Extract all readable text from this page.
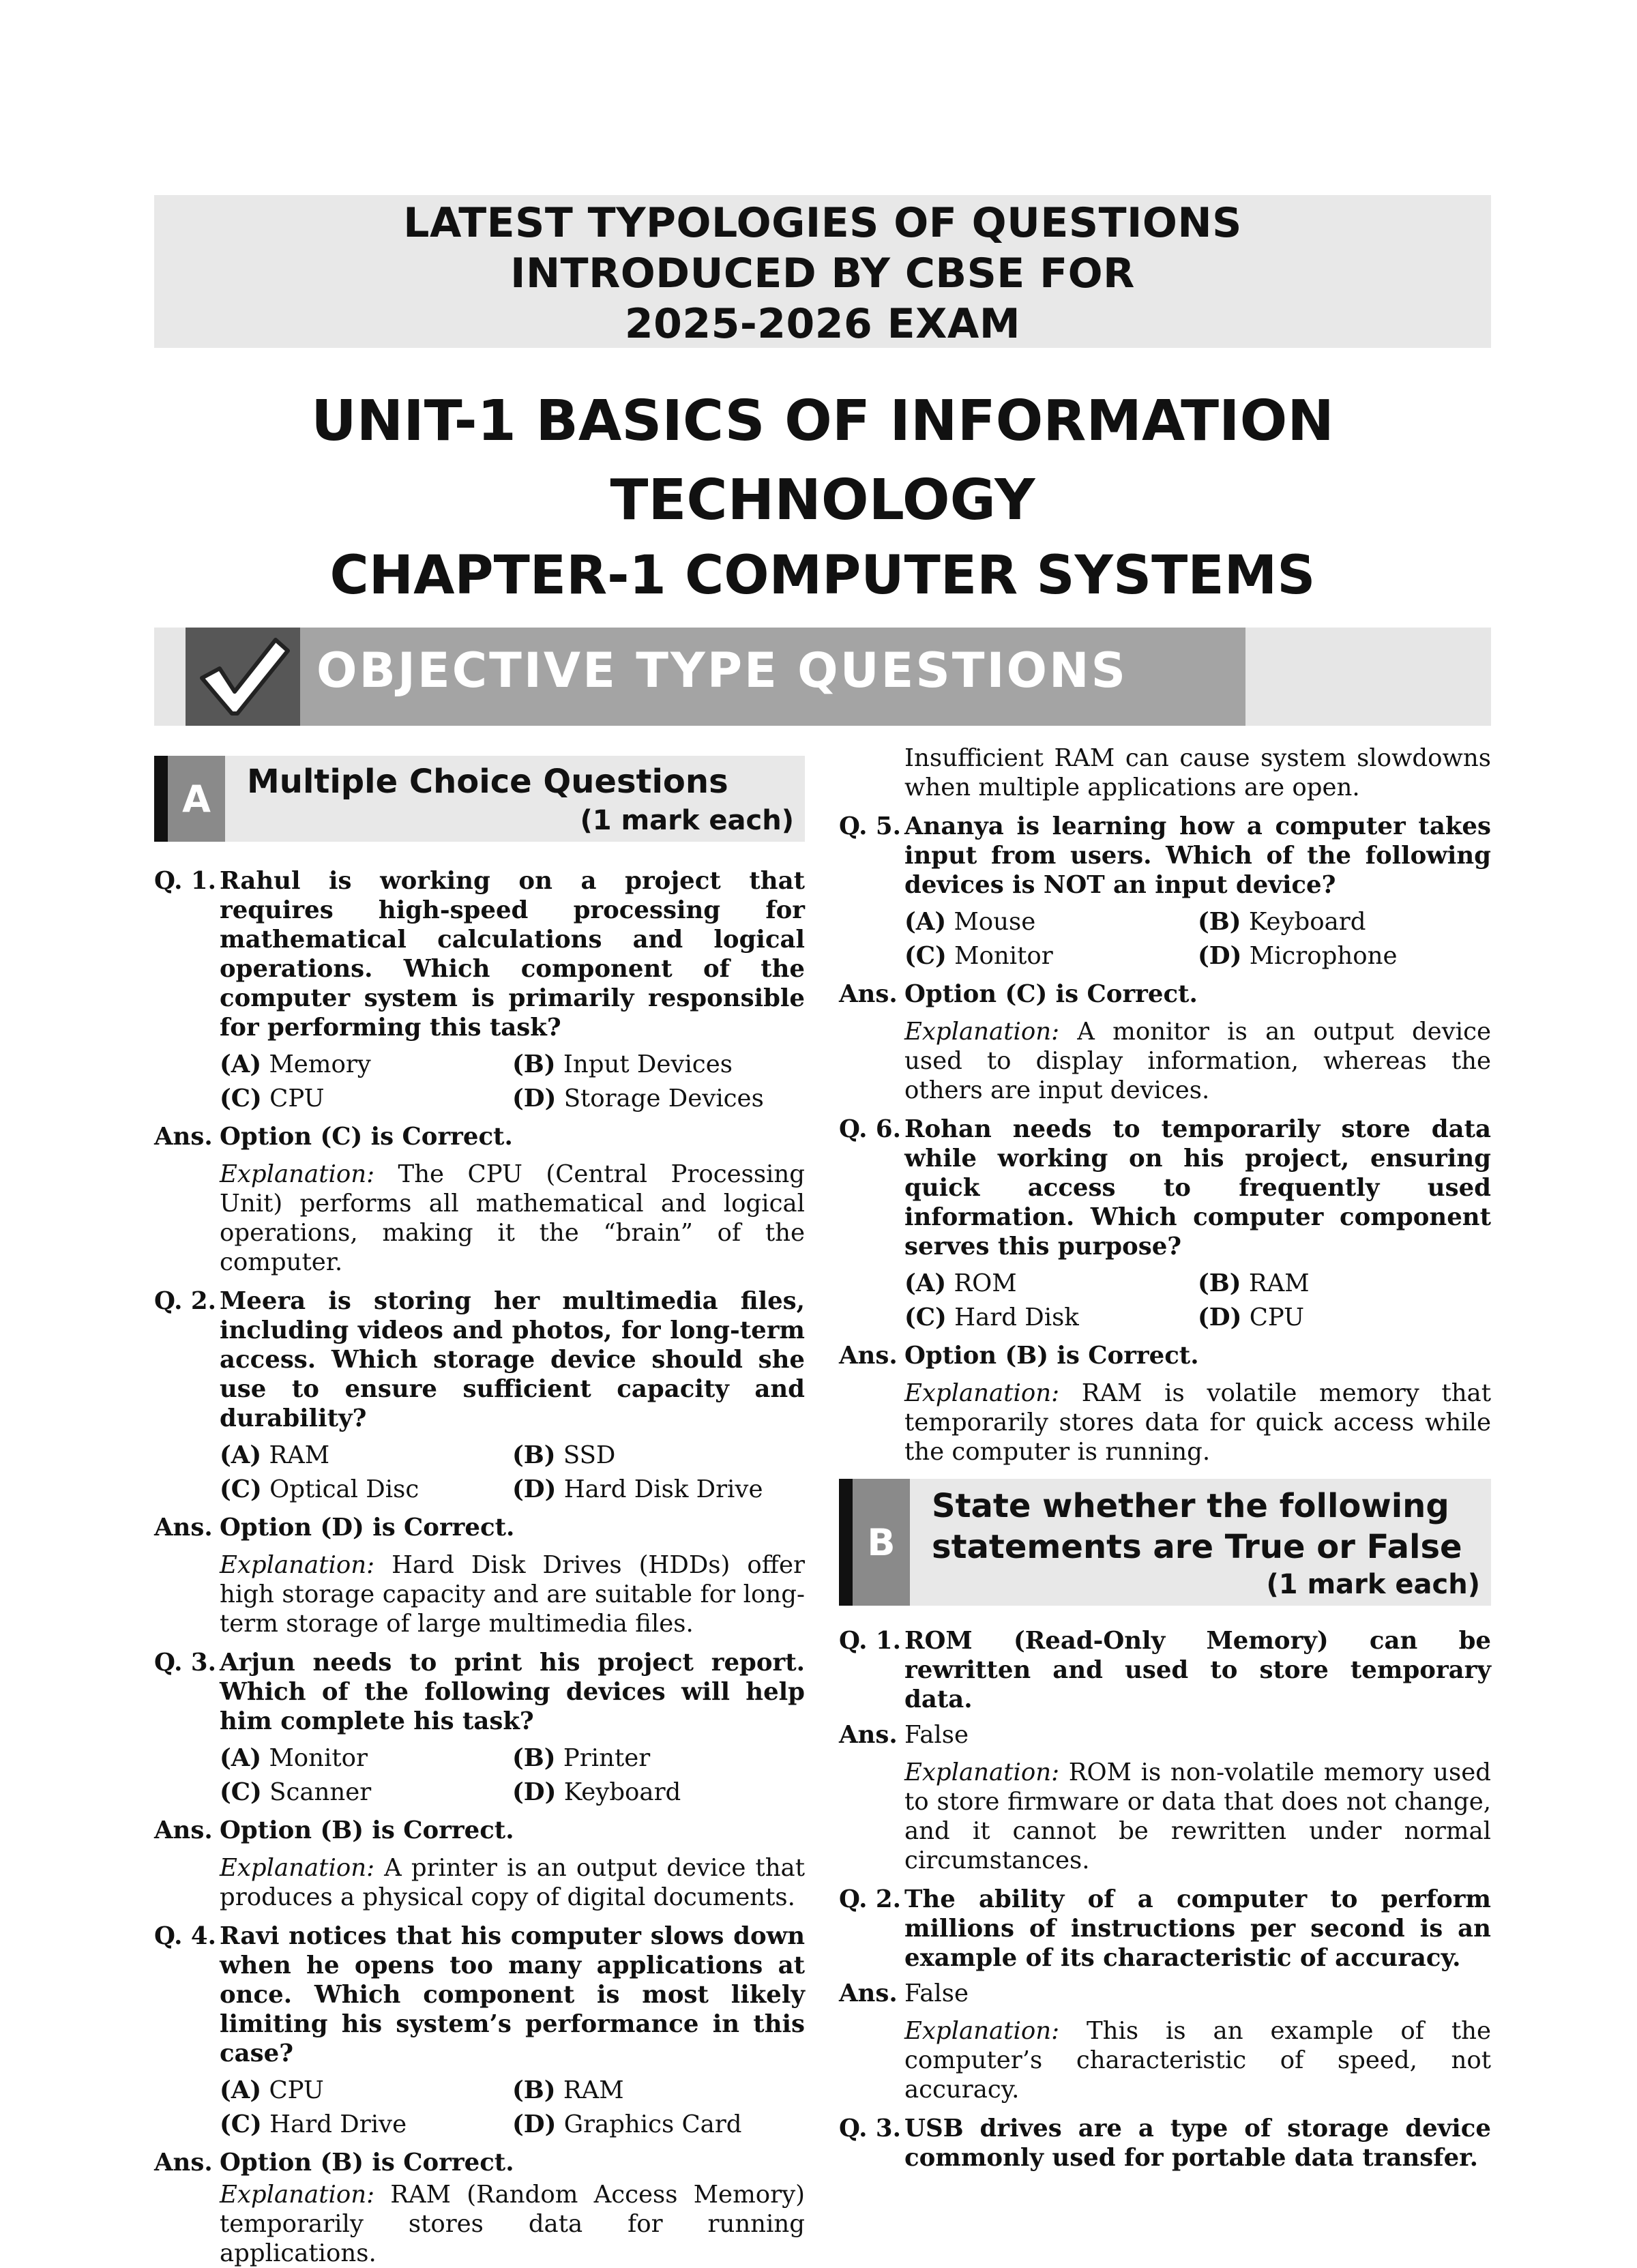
LATEST TYPOLOGIES OF QUESTIONS
INTRODUCED BY CBSE FOR
2025-2026 EXAM
UNIT-1 BASICS OF INFORMATION
TECHNOLOGY
CHAPTER-1 COMPUTER SYSTEMS
OBJECTIVE TYPE QUESTIONS
A	Multiple Choice Questions
(1 mark each)
Q. 1. Rahul is working on a project that requires high-speed processing for mathematical calculations and logical operations. Which component of the computer system is primarily responsible for performing this task?
(A) Memory	(B) Input Devices
(C) CPU	(D) Storage Devices
Ans. Option (C) is Correct.
Explanation: The CPU (Central Processing Unit) performs all mathematical and logical operations, making it the “brain” of the computer.
Q. 2. Meera is storing her multimedia files, including videos and photos, for long-term access. Which storage device should she use to ensure sufficient capacity and durability?
(A) RAM	(B) SSD
(C) Optical Disc	(D) Hard Disk Drive
Ans. Option (D) is Correct.
Explanation: Hard Disk Drives (HDDs) offer high storage capacity and are suitable for long-term storage of large multimedia files.
Q. 3. Arjun needs to print his project report. Which of the following devices will help him complete his task?
(A) Monitor	(B) Printer
(C) Scanner	(D) Keyboard
Ans. Option (B) is Correct.
Explanation: A printer is an output device that produces a physical copy of digital documents.
Q. 4. Ravi notices that his computer slows down when he opens too many applications at once. Which component is most likely limiting his system’s performance in this case?
(A) CPU	(B) RAM
(C) Hard Drive	(D) Graphics Card
Ans. Option (B) is Correct.
Explanation: RAM (Random Access Memory) temporarily stores data for running applications.
Insufficient RAM can cause system slowdowns when multiple applications are open.
Q. 5. Ananya is learning how a computer takes input from users. Which of the following devices is NOT an input device?
(A) Mouse	(B) Keyboard
(C) Monitor	(D) Microphone
Ans. Option (C) is Correct.
Explanation: A monitor is an output device used to display information, whereas the others are input devices.
Q. 6. Rohan needs to temporarily store data while working on his project, ensuring quick access to frequently used information. Which computer component serves this purpose?
(A) ROM	(B) RAM
(C) Hard Disk	(D) CPU
Ans. Option (B) is Correct.
Explanation: RAM is volatile memory that temporarily stores data for quick access while the computer is running.
B
State whether the following
statements are True or False
(1 mark each)
Q. 1. ROM (Read-Only Memory) can be rewritten and used to store temporary data.
Ans. False
Explanation: ROM is non-volatile memory used to store firmware or data that does not change, and it cannot be rewritten under normal circumstances.
Q. 2. The ability of a computer to perform millions of instructions per second is an example of its characteristic of accuracy.
Ans. False
Explanation: This is an example of the computer’s characteristic of speed, not accuracy.
Q. 3. USB drives are a type of storage device commonly used for portable data transfer.
